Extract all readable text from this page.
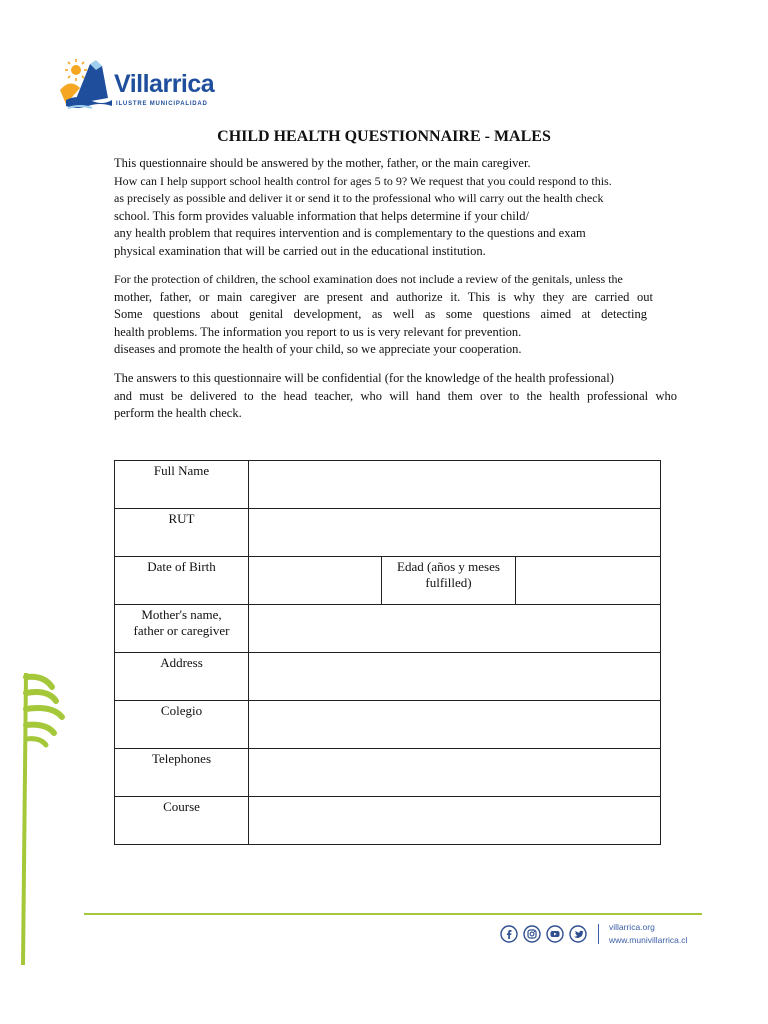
Villarrica
ILUSTRE MUNICIPALIDAD
CHILD HEALTH QUESTIONNAIRE - MALES
This questionnaire should be answered by the mother, father, or the main caregiver.
How can I help support school health control for ages 5 to 9? We request that you could respond to this.
as precisely as possible and deliver it or send it to the professional who will carry out the health check
school. This form provides valuable information that helps determine if your child/
any health problem that requires intervention and is complementary to the questions and exam
physical examination that will be carried out in the educational institution.
For the protection of children, the school examination does not include a review of the genitals, unless the
mother, father, or main caregiver are present and authorize it. This is why they are carried out
Some questions about genital development, as well as some questions aimed at detecting
health problems. The information you report to us is very relevant for prevention.
diseases and promote the health of your child, so we appreciate your cooperation.
The answers to this questionnaire will be confidential (for the knowledge of the health professional)
and must be delivered to the head teacher, who will hand them over to the health professional who
perform the health check.
Full Name			
RUT			
Date of Birth		Edad (años y meses
fulfilled)	
Mother's name,
father or caregiver			
Address			
Colegio			
Telephones			
Course			
villarrica.org
www.munivillarrica.cl
